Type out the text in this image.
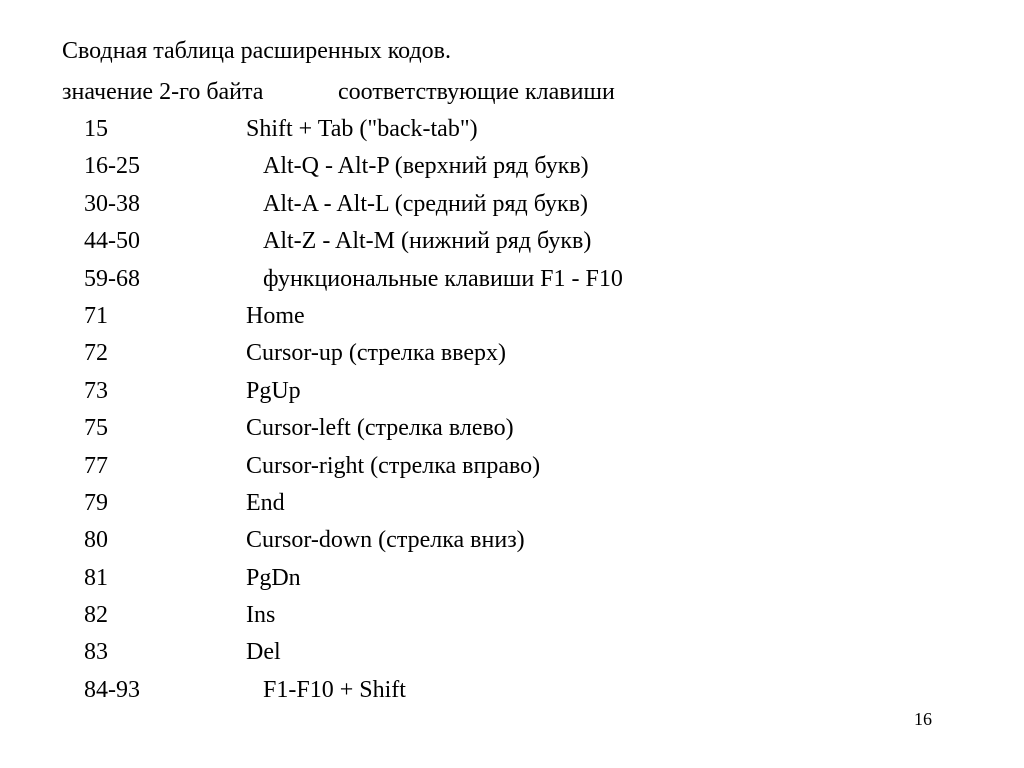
Сводная таблица расширенных кодов.
значение 2-го байта	соответствующие клавиши
15	Shift + Tab ("back-tab")
16-25	Alt-Q - Alt-P (верхний ряд букв)
30-38	Alt-A - Alt-L (средний ряд букв)
44-50	Alt-Z - Alt-M (нижний ряд букв)
59-68	функциональные клавиши F1 - F10
71	Home
72	Cursor-up (стрелка вверх)
73	PgUp
75	Cursor-left (стрелка влево)
77	Cursor-right (стрелка вправо)
79	End
80	Cursor-down (стрелка вниз)
81	PgDn
82	Ins
83	Del
84-93	F1-F10 + Shift
16
